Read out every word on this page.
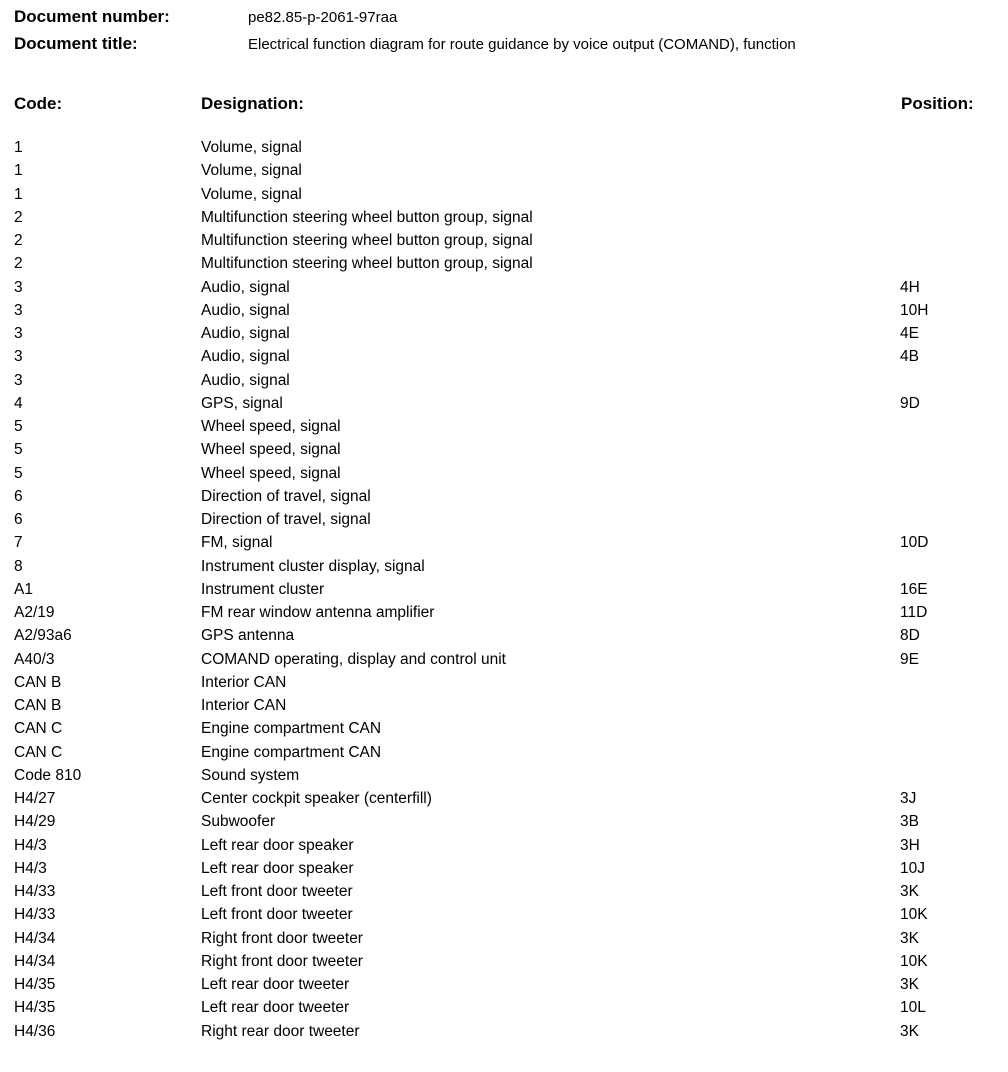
Document number:	pe82.85-p-2061-97raa
Document title:	Electrical function diagram for route guidance by voice output (COMAND), function
Code:	Designation:	Position:
1	Volume, signal
1	Volume, signal
1	Volume, signal
2	Multifunction steering wheel button group, signal
2	Multifunction steering wheel button group, signal
2	Multifunction steering wheel button group, signal
3	Audio, signal	4H
3	Audio, signal	10H
3	Audio, signal	4E
3	Audio, signal	4B
3	Audio, signal
4	GPS, signal	9D
5	Wheel speed, signal
5	Wheel speed, signal
5	Wheel speed, signal
6	Direction of travel, signal
6	Direction of travel, signal
7	FM, signal	10D
8	Instrument cluster display, signal
A1	Instrument cluster	16E
A2/19	FM rear window antenna amplifier	11D
A2/93a6	GPS antenna	8D
A40/3	COMAND operating, display and control unit	9E
CAN B	Interior CAN
CAN B	Interior CAN
CAN C	Engine compartment CAN
CAN C	Engine compartment CAN
Code 810	Sound system
H4/27	Center cockpit speaker (centerfill)	3J
H4/29	Subwoofer	3B
H4/3	Left rear door speaker	3H
H4/3	Left rear door speaker	10J
H4/33	Left front door tweeter	3K
H4/33	Left front door tweeter	10K
H4/34	Right front door tweeter	3K
H4/34	Right front door tweeter	10K
H4/35	Left rear door tweeter	3K
H4/35	Left rear door tweeter	10L
H4/36	Right rear door tweeter	3K
